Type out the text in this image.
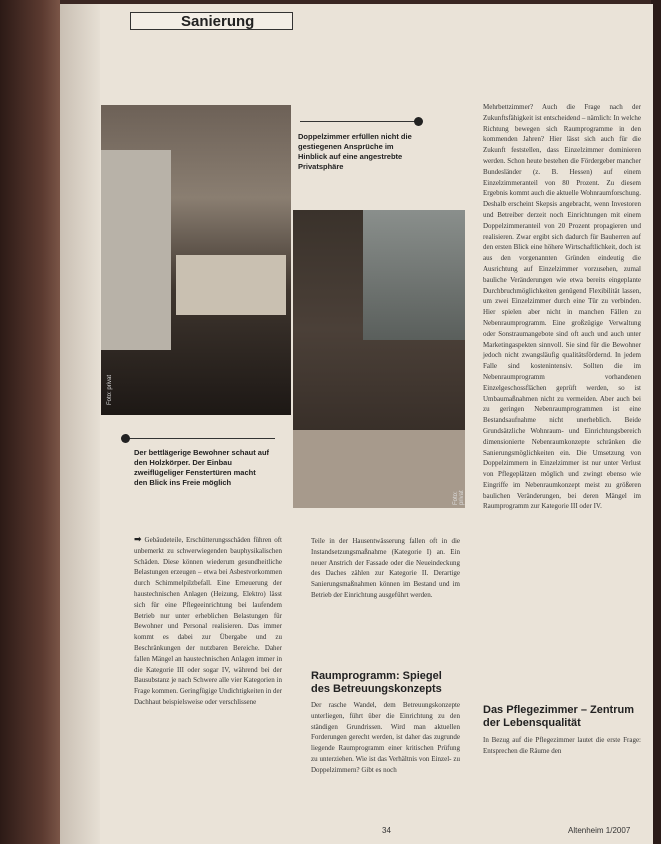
Sanierung
Foto: privat
Foto: privat
Doppelzimmer erfüllen nicht die gestiegenen Ansprüche im Hinblick auf eine angestrebte Privatsphäre
Der bettlägerige Bewohner schaut auf den Holzkörper. Der Einbau zweiflügeliger Fenstertüren macht den Blick ins Freie möglich

➡ Gebäudeteile, Erschütterungsschäden führen oft unbemerkt zu schwerwiegenden bauphysikalischen Schäden. Diese können wiederum gesundheitliche Belastungen erzeugen – etwa bei Asbestvorkommen durch Schimmelpilzbefall. Eine Erneuerung der haustechnischen Anlagen (Heizung, Elektro) lässt sich für eine Pflegeeinrichtung bei laufendem Betrieb nur unter erheblichen Belastungen für Bewohner und Personal realisieren. Das immer kommt es dabei zur Übergabe und zu Beschränkungen der nutzbaren Bereiche. Daher fallen Mängel an haustechnischen Anlagen immer in die Kategorie III oder sogar IV, während bei der Bausubstanz je nach Schwere alle vier Kategorien in Frage kommen. Geringfügige Undichtigkeiten in der Dachhaut beispielsweise oder verschlissene

Teile in der Hausentwässerung fallen oft in die Instandsetzungsmaßnahme (Kategorie I) an. Ein neuer Anstrich der Fassade oder die Neueindeckung des Daches zählen zur Kategorie II. Derartige Sanierungsmaßnahmen können im Bestand und im Betrieb der Einrichtung ausgeführt werden.

Raumprogramm: Spiegel des Betreuungskonzepts

Der rasche Wandel, dem Betreuungskonzepte unterliegen, führt über die Einrichtung zu den ständigen Grundrissen. Wird man aktuellen Forderungen gerecht werden, ist daher das zugrunde liegende Raumprogramm einer kritischen Prüfung zu unterziehen. Wie ist das Verhältnis von Einzel- zu Doppelzimmern? Gibt es noch

Mehrbettzimmer? Auch die Frage nach der Zukunftsfähigkeit ist entscheidend – nämlich: In welche Richtung bewegen sich Raumprogramme in den kommenden Jahren? Hier lässt sich auch für die Zukunft feststellen, dass Einzelzimmer dominieren werden. Schon heute bestehen die Fördergeber mancher Bundesländer (z. B. Hessen) auf einem Einzelzimmeranteil von 80 Prozent. Zu diesem Ergebnis kommt auch die aktuelle Wohnraumforschung. Deshalb erscheint Skepsis angebracht, wenn Investoren und Betreiber derzeit noch Einrichtungen mit einem Doppelzimmeranteil von 20 Prozent propagieren und realisieren. Zwar ergibt sich dadurch für Bauherren auf den ersten Blick eine höhere Wirtschaftlichkeit, doch ist aus den vorgenannten Gründen eindeutig die Ausrichtung auf Einzelzimmer vorzusehen, zumal bauliche Veränderungen wie etwa bereits eingeplante Durchbruchmöglichkeiten genügend Flexibilität lassen, um zwei Einzelzimmer durch eine Tür zu verbinden. Hier spielen aber nicht in manchen Fällen zu Nebenraumprogramm. Eine großzügige Verwaltung oder Sonstraumangebote sind oft auch und auch unter Marketingaspekten sinnvoll. Sie sind für die Bewohner jedoch nicht zwangsläufig qualitätsfördernd. In jedem Falle sind kostenintensiv. Sollten die im Nebenraumprogramm vorhandenen Einzelgeschossflächen geprüft werden, so ist Umbaumaßnahmen nicht zu vermeiden. Aber auch bei zu geringen Nebenraumprogrammen ist eine Bestandsaufnahme nicht unerheblich. Beide Grundsätzliche Wohnraum- und Einrichtungsbereich dimensionierte Nebenraumkonzepte schränken die Sanierungsmöglichkeiten ein. Die Umsetzung von Doppelzimmern in Einzelzimmer ist nur unter Verlust von Pflegeplätzen möglich und zwingt ebenso wie Eingriffe im Nebenraumkonzept meist zu größeren baulichen Veränderungen, bei deren Mängel im Raumprogramm zur Kategorie III oder IV.

Das Pflegezimmer – Zentrum der Lebensqualität

In Bezug auf die Pflegezimmer lautet die erste Frage: Entsprechen die Räume den

34	Altenheim 1/2007
